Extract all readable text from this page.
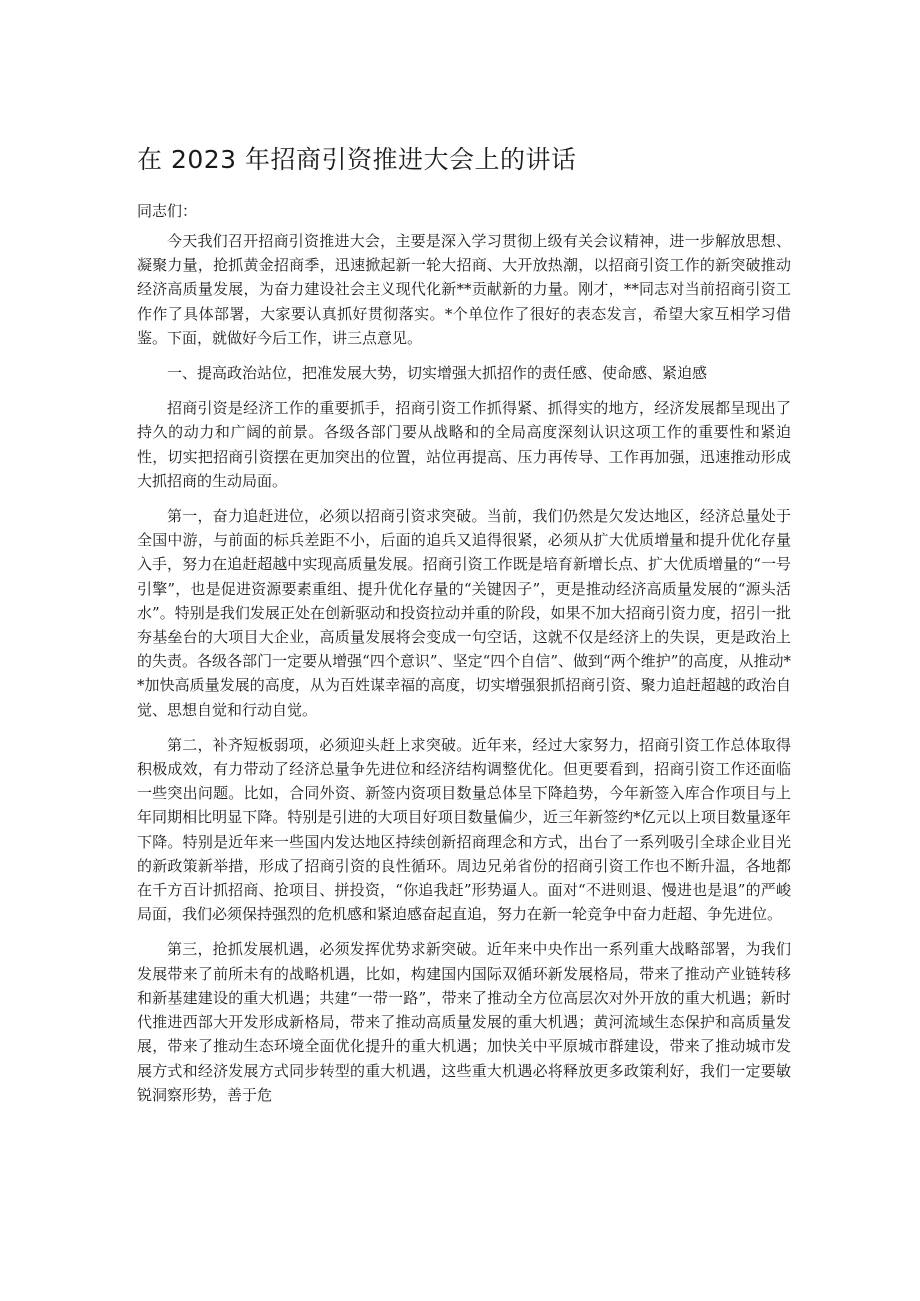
在 2023 年招商引资推进大会上的讲话

同志们：

今天我们召开招商引资推进大会，主要是深入学习贯彻上级有关会议精神，进一步解放思想、凝聚力量，抢抓黄金招商季，迅速掀起新一轮大招商、大开放热潮，以招商引资工作的新突破推动经济高质量发展，为奋力建设社会主义现代化新**贡献新的力量。刚才，**同志对当前招商引资工作作了具体部署，大家要认真抓好贯彻落实。*个单位作了很好的表态发言，希望大家互相学习借鉴。下面，就做好今后工作，讲三点意见。

一、提高政治站位，把准发展大势，切实增强大抓招作的责任感、使命感、紧迫感

招商引资是经济工作的重要抓手，招商引资工作抓得紧、抓得实的地方，经济发展都呈现出了持久的动力和广阔的前景。各级各部门要从战略和的全局高度深刻认识这项工作的重要性和紧迫性，切实把招商引资摆在更加突出的位置，站位再提高、压力再传导、工作再加强，迅速推动形成大抓招商的生动局面。

第一，奋力追赶进位，必须以招商引资求突破。当前，我们仍然是欠发达地区，经济总量处于全国中游，与前面的标兵差距不小，后面的追兵又追得很紧，必须从扩大优质增量和提升优化存量入手，努力在追赶超越中实现高质量发展。招商引资工作既是培育新增长点、扩大优质增量的“一号引擎”，也是促进资源要素重组、提升优化存量的“关键因子”，更是推动经济高质量发展的“源头活水”。特别是我们发展正处在创新驱动和投资拉动并重的阶段，如果不加大招商引资力度，招引一批夯基垒台的大项目大企业，高质量发展将会变成一句空话，这就不仅是经济上的失误，更是政治上的失责。各级各部门一定要从增强“四个意识”、坚定“四个自信”、做到“两个维护”的高度，从推动**加快高质量发展的高度，从为百姓谋幸福的高度，切实增强狠抓招商引资、聚力追赶超越的政治自觉、思想自觉和行动自觉。

第二，补齐短板弱项，必须迎头赶上求突破。近年来，经过大家努力，招商引资工作总体取得积极成效，有力带动了经济总量争先进位和经济结构调整优化。但更要看到，招商引资工作还面临一些突出问题。比如，合同外资、新签内资项目数量总体呈下降趋势，今年新签入库合作项目与上年同期相比明显下降。特别是引进的大项目好项目数量偏少，近三年新签约*亿元以上项目数量逐年下降。特别是近年来一些国内发达地区持续创新招商理念和方式，出台了一系列吸引全球企业目光的新政策新举措，形成了招商引资的良性循环。周边兄弟省份的招商引资工作也不断升温，各地都在千方百计抓招商、抢项目、拼投资，“你追我赶”形势逼人。面对“不进则退、慢进也是退”的严峻局面，我们必须保持强烈的危机感和紧迫感奋起直追，努力在新一轮竞争中奋力赶超、争先进位。

第三，抢抓发展机遇，必须发挥优势求新突破。近年来中央作出一系列重大战略部署，为我们发展带来了前所未有的战略机遇，比如，构建国内国际双循环新发展格局，带来了推动产业链转移和新基建建设的重大机遇；共建“一带一路”，带来了推动全方位高层次对外开放的重大机遇；新时代推进西部大开发形成新格局，带来了推动高质量发展的重大机遇；黄河流域生态保护和高质量发展，带来了推动生态环境全面优化提升的重大机遇；加快关中平原城市群建设，带来了推动城市发展方式和经济发展方式同步转型的重大机遇，这些重大机遇必将释放更多政策利好，我们一定要敏锐洞察形势，善于危
